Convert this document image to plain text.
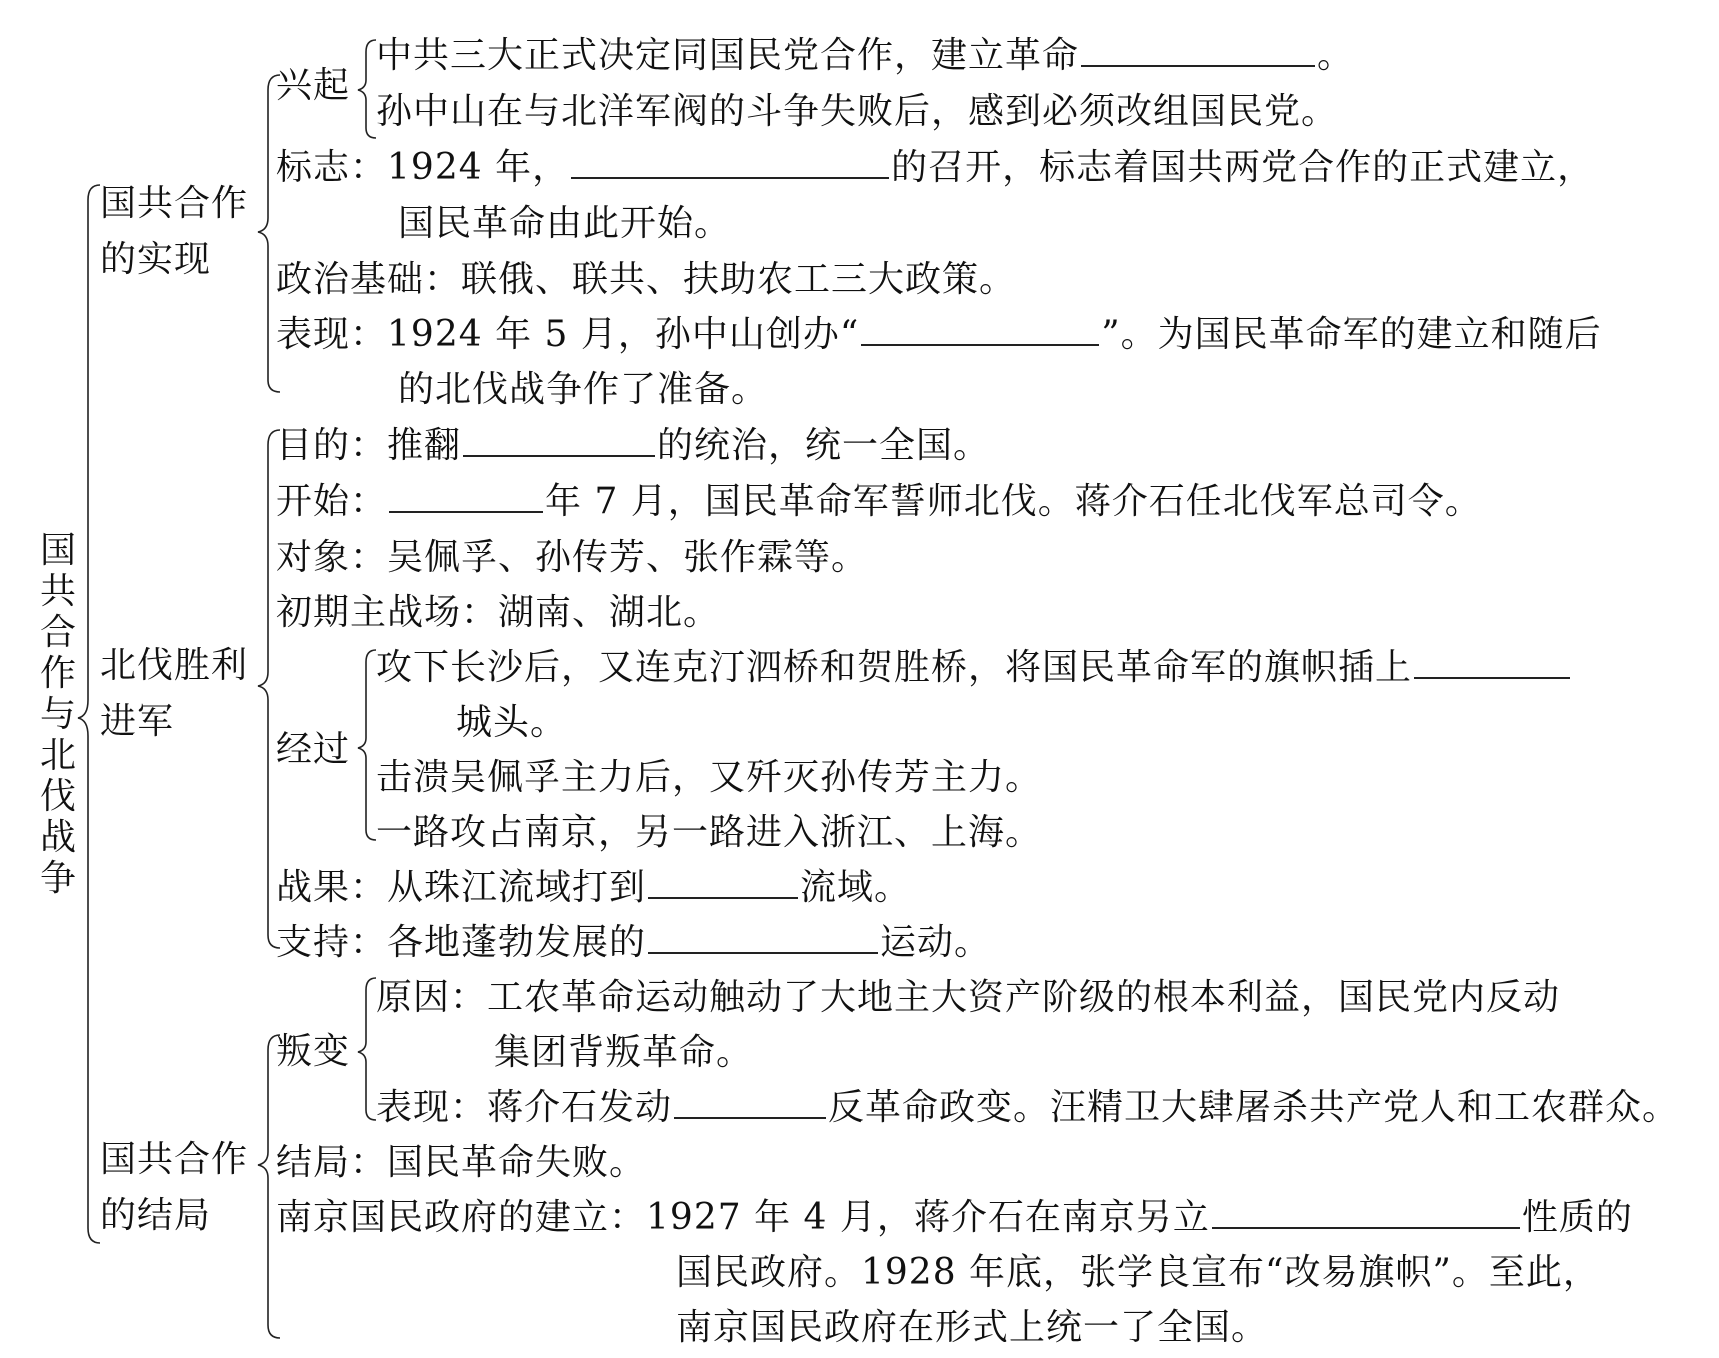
国共合作与北伐战争
国共合作
的实现
兴起
中共三大正式决定同国民党合作，建立革命	。
孙中山在与北洋军阀的斗争失败后，感到必须改组国民党。
标志：1924 年，	的召开，标志着国共两党合作的正式建立，
国民革命由此开始。
政治基础：联俄、联共、扶助农工三大政策。
表现：1924 年 5 月，孙中山创办“	”。为国民革命军的建立和随后
的北伐战争作了准备。
北伐胜利
进军
目的：推翻	的统治，统一全国。
开始：	年 7 月，国民革命军誓师北伐。蒋介石任北伐军总司令。
对象：吴佩孚、孙传芳、张作霖等。
初期主战场：湖南、湖北。
经过
攻下长沙后，又连克汀泗桥和贺胜桥，将国民革命军的旗帜插上
城头。
击溃吴佩孚主力后，又歼灭孙传芳主力。
一路攻占南京，另一路进入浙江、上海。
战果：从珠江流域打到	流域。
支持：各地蓬勃发展的	运动。
国共合作
的结局
叛变
原因：工农革命运动触动了大地主大资产阶级的根本利益，国民党内反动
集团背叛革命。
表现：蒋介石发动	反革命政变。汪精卫大肆屠杀共产党人和工农群众。
结局：国民革命失败。
南京国民政府的建立：1927 年 4 月，蒋介石在南京另立	性质的
国民政府。1928 年底，张学良宣布“改易旗帜”。至此，
南京国民政府在形式上统一了全国。
